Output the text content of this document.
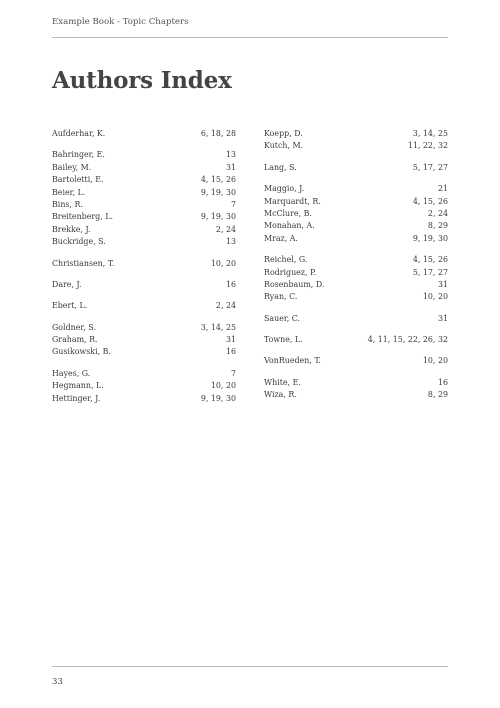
Example Book - Topic Chapters
Authors Index
Aufderhar, K.	6, 18, 28
Bahringer, E.	13
Bailey, M.	31
Bartoletti, E.	4, 15, 26
Beier, L.	9, 19, 30
Bins, R.	7
Breitenberg, L.	9, 19, 30
Brekke, J.	2, 24
Buckridge, S.	13
Christiansen, T.	10, 20
Dare, J.	16
Ebert, L.	2, 24
Goldner, S.	3, 14, 25
Graham, R.	31
Gusikowski, B.	16
Hayes, G.	7
Hegmann, L.	10, 20
Hettinger, J.	9, 19, 30
Koepp, D.	3, 14, 25
Kutch, M.	11, 22, 32
Lang, S.	5, 17, 27
Maggio, J.	21
Marquardt, R.	4, 15, 26
McClure, B.	2, 24
Monahan, A.	8, 29
Mraz, A.	9, 19, 30
Reichel, G.	4, 15, 26
Rodriguez, P.	5, 17, 27
Rosenbaum, D.	31
Ryan, C.	10, 20
Sauer, C.	31
Towne, L.	4, 11, 15, 22, 26, 32
VonRueden, T.	10, 20
White, E.	16
Wiza, R.	8, 29
33
